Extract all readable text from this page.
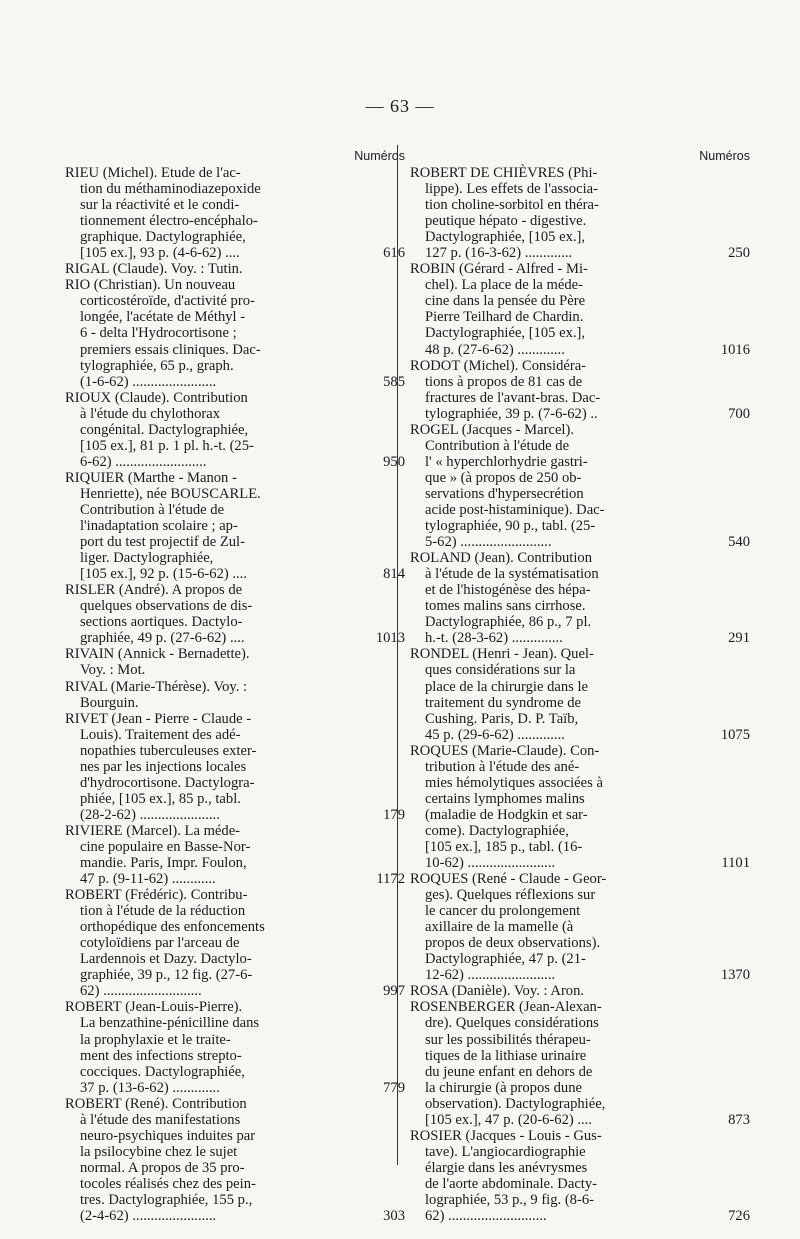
— 63 —
Numéros
RIEU (Michel). Etude de l'ac-
tion du méthaminodiazepoxide
sur la réactivité et le condi-
tionnement électro-encéphalo-
graphique. Dactylographiée,
[105 ex.], 93 p. (4-6-62) ....	616
RIGAL (Claude). Voy. : Tutin.
RIO (Christian). Un nouveau
corticostéroïde, d'activité pro-
longée, l'acétate de Méthyl -
6 - delta l'Hydrocortisone ;
premiers essais cliniques. Dac-
tylographiée, 65 p., graph.
(1-6-62) .......................	585
RIOUX (Claude). Contribution
à l'étude du chylothorax
congénital. Dactylographiée,
[105 ex.], 81 p. 1 pl. h.-t. (25-
6-62) .........................	950
RIQUIER (Marthe - Manon -
Henriette), née BOUSCARLE.
Contribution à l'étude de
l'inadaptation scolaire ; ap-
port du test projectif de Zul-
liger. Dactylographiée,
[105 ex.], 92 p. (15-6-62) ....	814
RISLER (André). A propos de
quelques observations de dis-
sections aortiques. Dactylo-
graphiée, 49 p. (27-6-62) ....	1013
RIVAIN (Annick - Bernadette).
Voy. : Mot.
RIVAL (Marie-Thérèse). Voy. :
Bourguin.
RIVET (Jean - Pierre - Claude -
Louis). Traitement des adé-
nopathies tuberculeuses exter-
nes par les injections locales
d'hydrocortisone. Dactylogra-
phiée, [105 ex.], 85 p., tabl.
(28-2-62) ......................	179
RIVIERE (Marcel). La méde-
cine populaire en Basse-Nor-
mandie. Paris, Impr. Foulon,
47 p. (9-11-62) ............	1172
ROBERT (Frédéric). Contribu-
tion à l'étude de la réduction
orthopédique des enfoncements
cotyloïdiens par l'arceau de
Lardennois et Dazy. Dactylo-
graphiée, 39 p., 12 fig. (27-6-
62) ...........................	997
ROBERT (Jean-Louis-Pierre).
La benzathine-pénicilline dans
la prophylaxie et le traite-
ment des infections strepto-
cocciques. Dactylographiée,
37 p. (13-6-62) .............	779
ROBERT (René). Contribution
à l'étude des manifestations
neuro-psychiques induites par
la psilocybine chez le sujet
normal. A propos de 35 pro-
tocoles réalisés chez des pein-
tres. Dactylographiée, 155 p.,
(2-4-62) .......................	303
Numéros
ROBERT DE CHIÈVRES (Phi-
lippe). Les effets de l'associa-
tion choline-sorbitol en théra-
peutique hépato - digestive.
Dactylographiée, [105 ex.],
127 p. (16-3-62) .............	250
ROBIN (Gérard - Alfred - Mi-
chel). La place de la méde-
cine dans la pensée du Père
Pierre Teilhard de Chardin.
Dactylographiée, [105 ex.],
48 p. (27-6-62) .............	1016
RODOT (Michel). Considéra-
tions à propos de 81 cas de
fractures de l'avant-bras. Dac-
tylographiée, 39 p. (7-6-62) ..	700
ROGEL (Jacques - Marcel).
Contribution à l'étude de
l' « hyperchlorhydrie gastri-
que » (à propos de 250 ob-
servations d'hypersecrétion
acide post-histaminique). Dac-
tylographiée, 90 p., tabl. (25-
5-62) .........................	540
ROLAND (Jean). Contribution
à l'étude de la systématisation
et de l'histogénèse des hépa-
tomes malins sans cirrhose.
Dactylographiée, 86 p., 7 pl.
h.-t. (28-3-62) ..............	291
RONDEL (Henri - Jean). Quel-
ques considérations sur la
place de la chirurgie dans le
traitement du syndrome de
Cushing. Paris, D. P. Taïb,
45 p. (29-6-62) .............	1075
ROQUES (Marie-Claude). Con-
tribution à l'étude des ané-
mies hémolytiques associées à
certains lymphomes malins
(maladie de Hodgkin et sar-
come). Dactylographiée,
[105 ex.], 185 p., tabl. (16-
10-62) ........................	1101
ROQUES (René - Claude - Geor-
ges). Quelques réflexions sur
le cancer du prolongement
axillaire de la mamelle (à
propos de deux observations).
Dactylographiée, 47 p. (21-
12-62) ........................	1370
ROSA (Danièle). Voy. : Aron.
ROSENBERGER (Jean-Alexan-
dre). Quelques considérations
sur les possibilités thérapeu-
tiques de la lithiase urinaire
du jeune enfant en dehors de
la chirurgie (à propos dune
observation). Dactylographiée,
[105 ex.], 47 p. (20-6-62) ....	873
ROSIER (Jacques - Louis - Gus-
tave). L'angiocardiographie
élargie dans les anévrysmes
de l'aorte abdominale. Dacty-
lographiée, 53 p., 9 fig. (8-6-
62) ...........................	726
